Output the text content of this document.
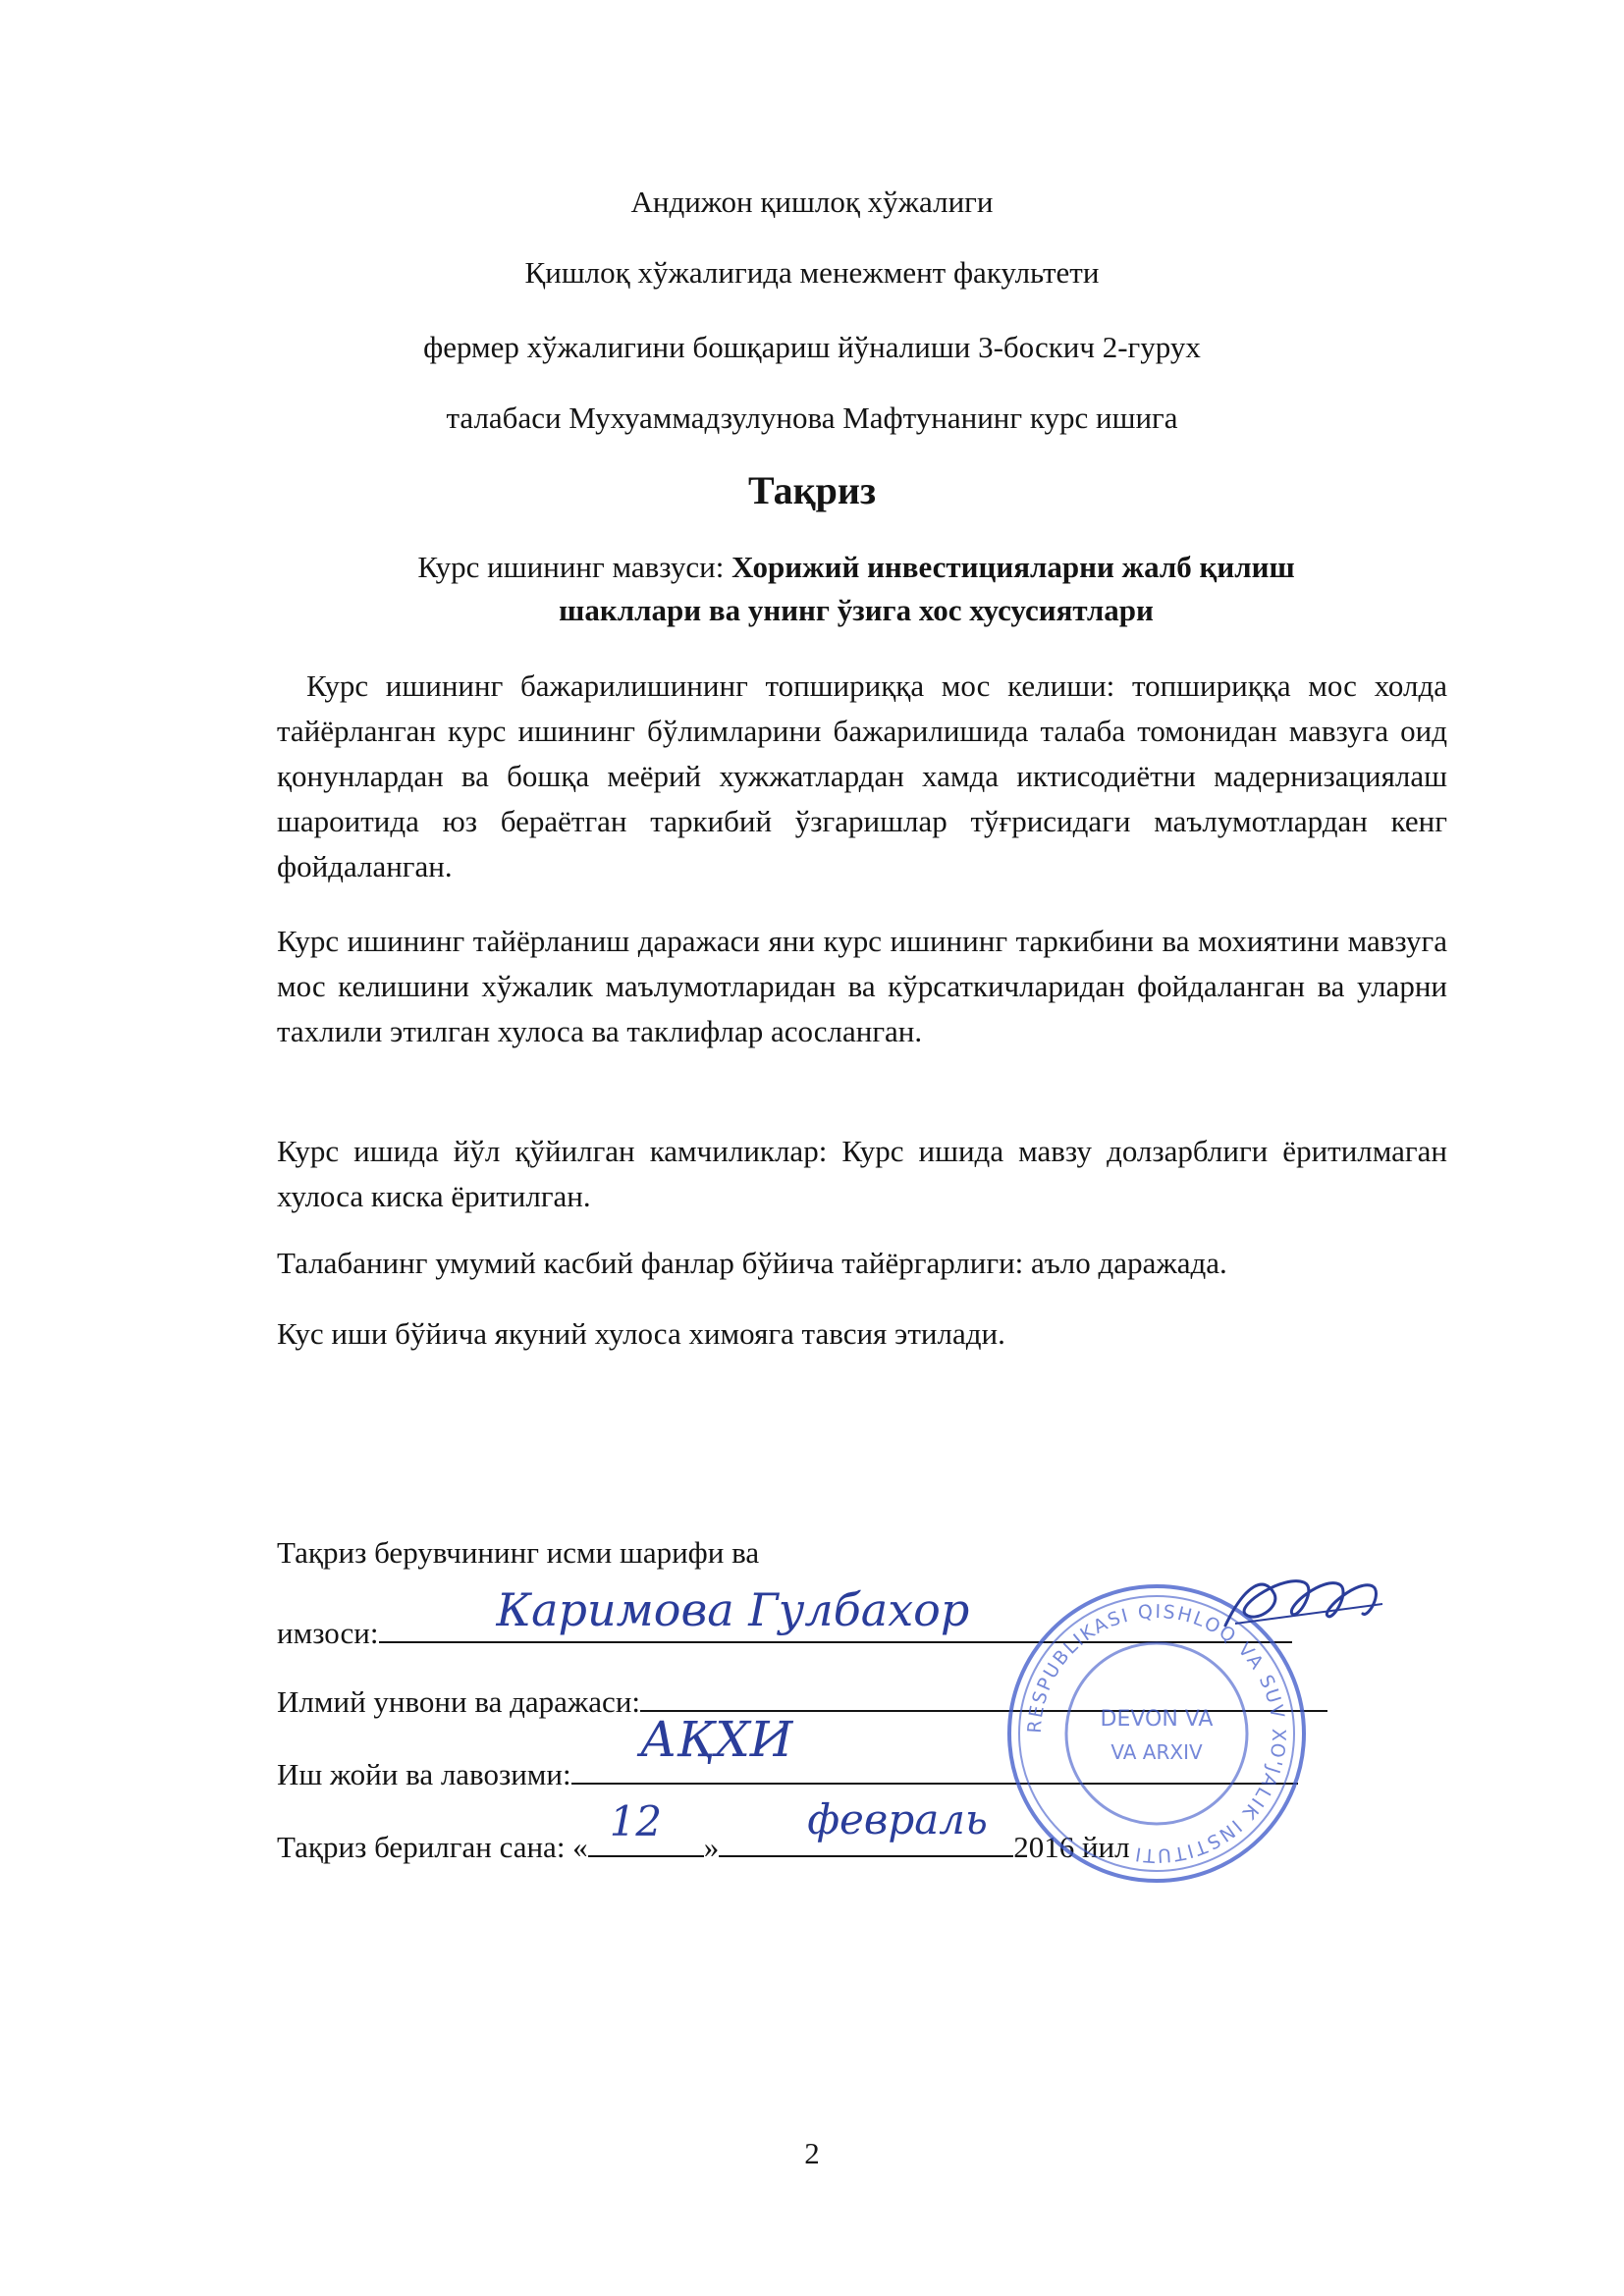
Андижон қишлоқ хўжалиги
Қишлоқ хўжалигида менежмент факультети
фермер хўжалигини бошқариш йўналиши 3-боскич 2-гурух
талабаси Мухуаммадзулунова Мафтунанинг курс ишига
Тақриз
Курс ишининг мавзуси: Хорижий инвестицияларни жалб қилиш
шакллари ва унинг ўзига хос хусусиятлари

Курс ишининг бажарилишининг топшириққа мос келиши: топшириққа мос холда тайёрланган курс ишининг бўлимларини бажарилишида талаба томонидан мавзуга оид қонунлардан ва бошқа меёрий хужжатлардан хамда иктисодиётни мадернизациялаш шароитида юз бераётган таркибий ўзгаришлар тўғрисидаги маълумотлардан кенг фойдаланган.

Курс ишининг тайёрланиш даражаси яни курс ишининг таркибини ва мохиятини мавзуга мос келишини хўжалик маълумотларидан ва кўрсаткичларидан фойдаланган ва уларни тахлили этилган хулоса ва таклифлар асосланган.

Курс ишида йўл қўйилган камчиликлар: Курс ишида мавзу долзарблиги ёритилмаган хулоса киска ёритилган.

Талабанинг умумий касбий фанлар бўйича тайёргарлиги: аъло даражада.

Кус иши бўйича якуний хулоса химояга тавсия этилади.

Тақриз берувчининг исми шарифи ва
имзоси:	Каримова Гулбахор
Илмий унвони ва даражаси:
Иш жойи ва лавозими:
АҚХИ
Тақриз берилган сана: «
12
»
февраль
2016 йил
RESPUBLIKASI QISHLOQ VA SUV XO'JALIK INSTITUTI
DEVON VA
VA ARXIV
2
